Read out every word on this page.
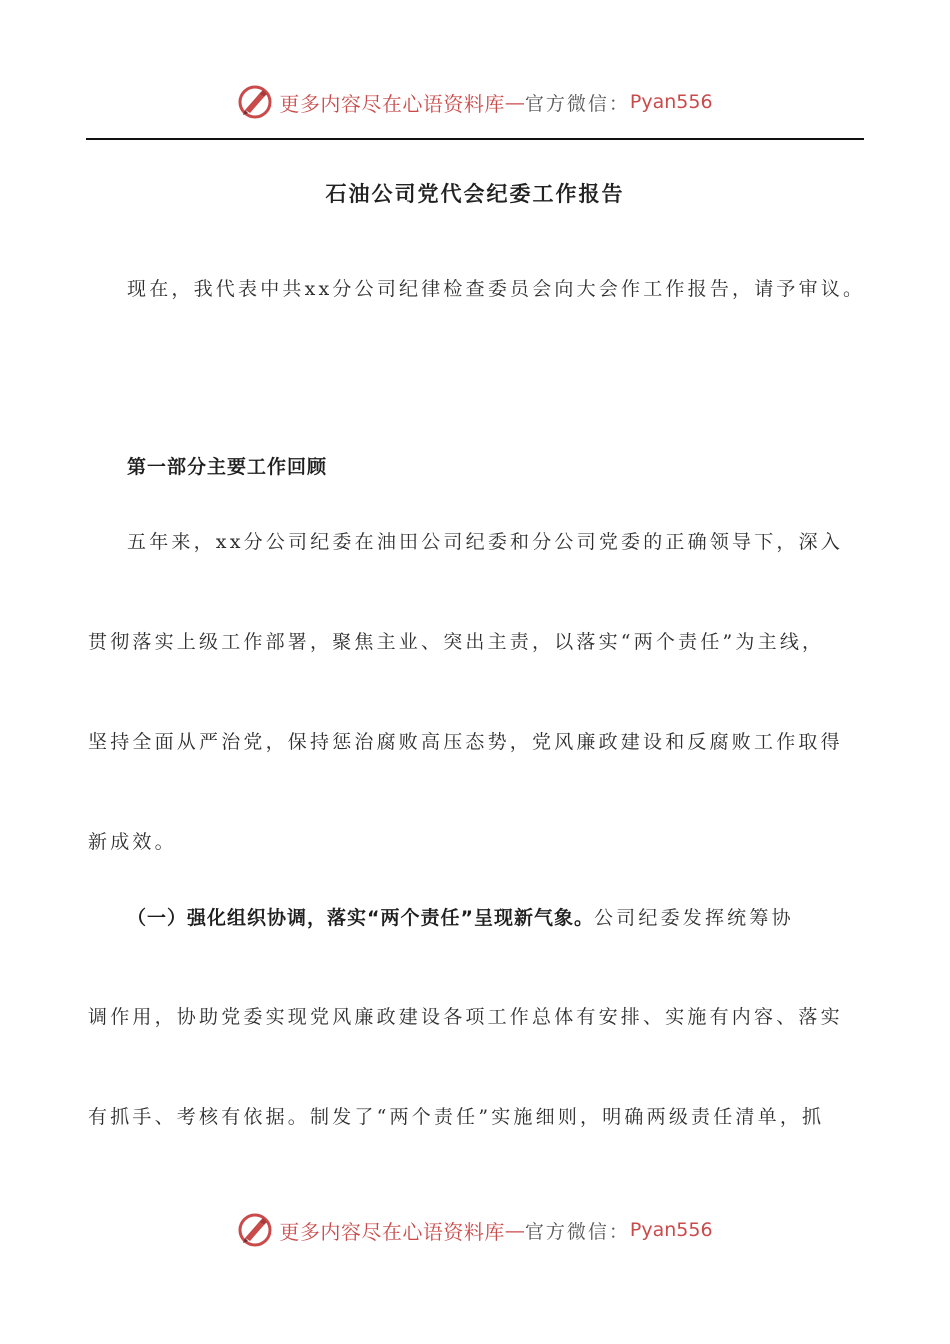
更多内容尽在心语资料库 — 官方微信： Pyan556
石油公司党代会纪委工作报告
现在，我代表中共xx分公司纪律检查委员会向大会作工作报告，请予审议。
第一部分主要工作回顾
五年来，xx分公司纪委在油田公司纪委和分公司党委的正确领导下，深入
贯彻落实上级工作部署，聚焦主业、突出主责，以落实“两个责任”为主线，
坚持全面从严治党，保持惩治腐败高压态势，党风廉政建设和反腐败工作取得
新成效。
（一）强化组织协调，落实“两个责任”呈现新气象。公司纪委发挥统筹协
调作用，协助党委实现党风廉政建设各项工作总体有安排、实施有内容、落实
有抓手、考核有依据。制发了“两个责任”实施细则，明确两级责任清单，抓
更多内容尽在心语资料库 — 官方微信： Pyan556
